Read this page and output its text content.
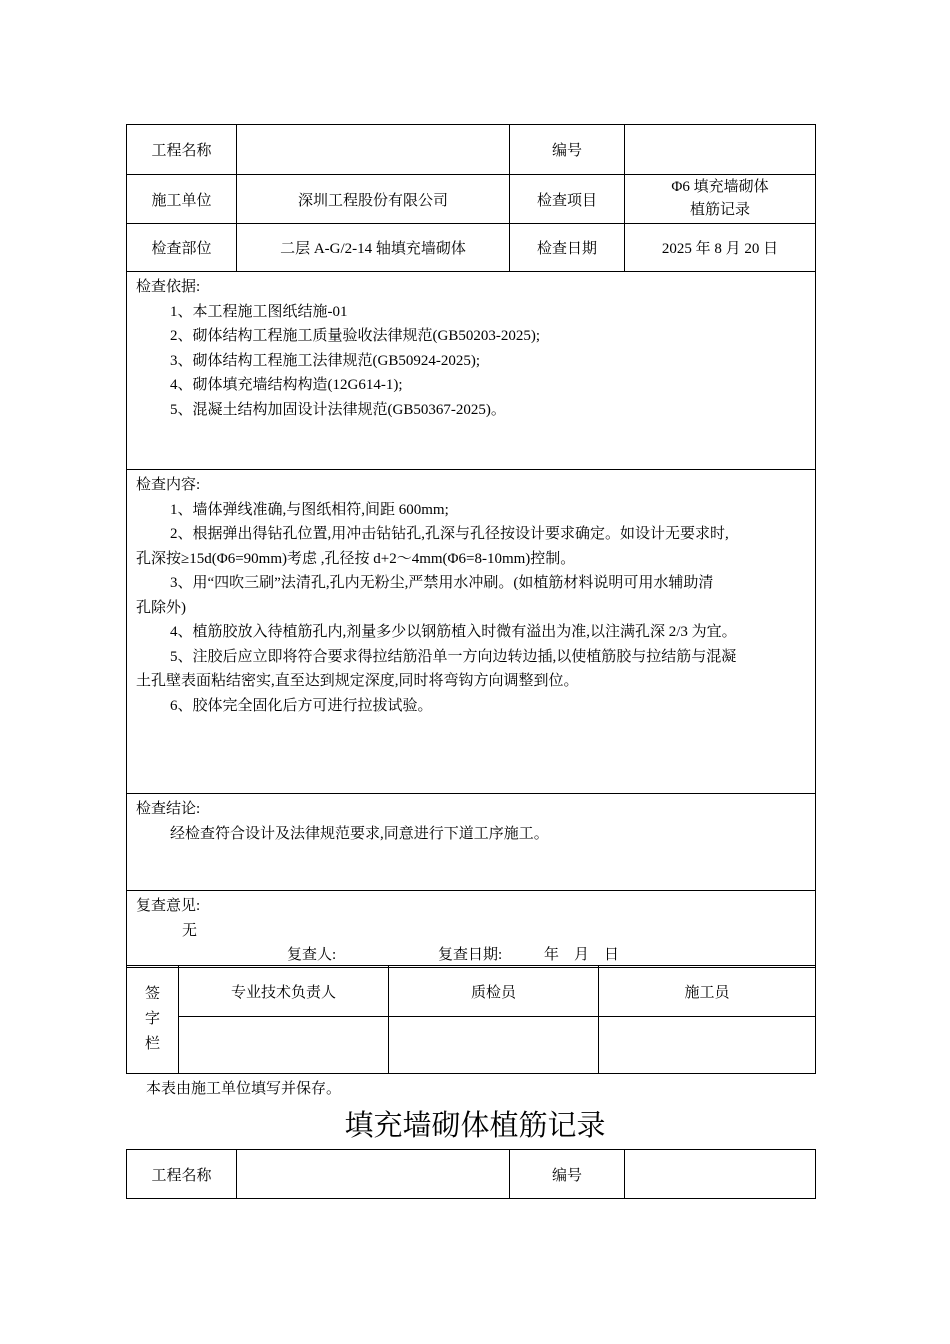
工程名称		编号	
施工单位	深圳工程股份有限公司	检查项目	Φ6 填充墙砌体
植筋记录

检查部位	二层 A-G/2-14 轴填充墙砌体	检查日期	2025 年 8 月 20 日

检查依据:

1、本工程施工图纸结施-01

2、砌体结构工程施工质量验收法律规范(GB50203-2025);

3、砌体结构工程施工法律规范(GB50924-2025);

4、砌体填充墙结构构造(12G614-1);

5、混凝土结构加固设计法律规范(GB50367-2025)。

检查内容:

1、墙体弹线准确,与图纸相符,间距 600mm;

2、根据弹出得钻孔位置,用冲击钻钻孔,孔深与孔径按设计要求确定。如设计无要求时,

孔深按≥15d(Φ6=90mm)考虑 ,孔径按 d+2～4mm(Φ6=8-10mm)控制。

3、用“四吹三刷”法清孔,孔内无粉尘,严禁用水冲刷。(如植筋材料说明可用水辅助清

孔除外)

4、植筋胶放入待植筋孔内,剂量多少以钢筋植入时微有溢出为准,以注满孔深 2/3 为宜。

5、注胶后应立即将符合要求得拉结筋沿单一方向边转边插,以使植筋胶与拉结筋与混凝

土孔壁表面粘结密实,直至达到规定深度,同时将弯钩方向调整到位。

6、胶体完全固化后方可进行拉拔试验。

检查结论:

经检查符合设计及法律规范要求,同意进行下道工序施工。

复查意见:

无

复查人:	复查日期:	年 月 日
签
字
栏	专业技术负责人	质检员	施工员

本表由施工单位填写并保存。
填充墙砌体植筋记录
工程名称		编号	
